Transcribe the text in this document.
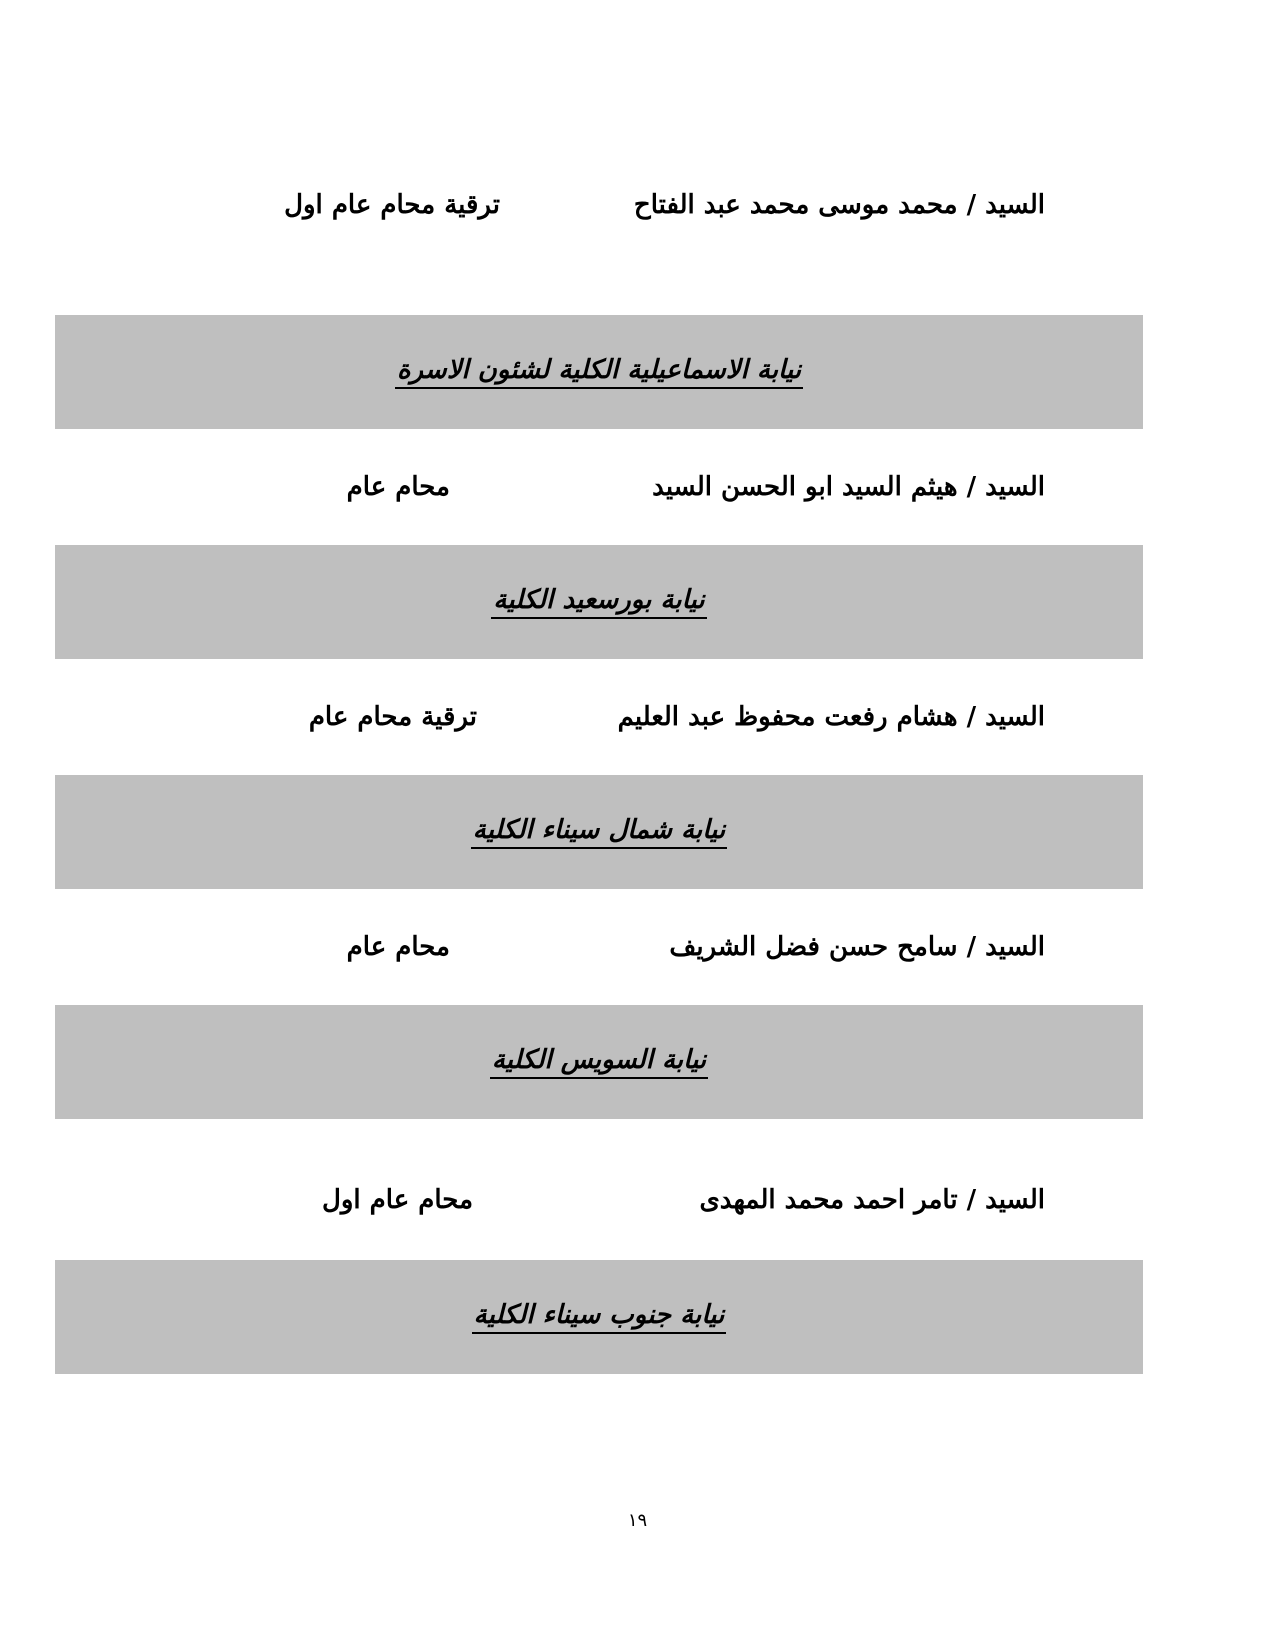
السيد / محمد موسى محمد عبد الفتاح
ترقية محام عام اول
نيابة الاسماعيلية الكلية لشئون الاسرة
السيد / هيثم السيد ابو الحسن السيد
محام عام
نيابة بورسعيد الكلية
السيد / هشام رفعت محفوظ عبد العليم
ترقية محام عام
نيابة شمال سيناء الكلية
السيد / سامح حسن فضل الشريف
محام عام
نيابة السويس الكلية
السيد / تامر احمد محمد المهدى
محام عام اول
نيابة جنوب سيناء الكلية
١٩
